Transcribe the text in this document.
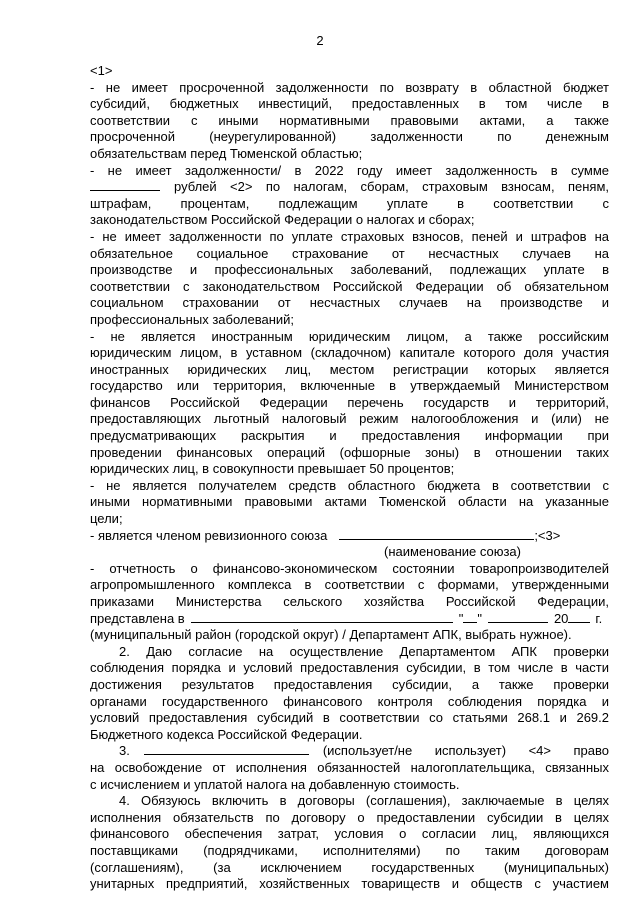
2
<1>
- не имеет просроченной задолженности по возврату в областной бюджет
субсидий, бюджетных инвестиций, предоставленных в том числе в
соответствии с иными нормативными правовыми актами, а также
просроченной (неурегулированной) задолженности по денежным
обязательствам перед Тюменской областью;
- не имеет задолженности/ в 2022 году имеет задолженность в сумме
рублей <2> по налогам, сборам, страховым взносам, пеням,
штрафам, процентам, подлежащим уплате в соответствии с
законодательством Российской Федерации о налогах и сборах;
- не имеет задолженности по уплате страховых взносов, пеней и штрафов на
обязательное социальное страхование от несчастных случаев на
производстве и профессиональных заболеваний, подлежащих уплате в
соответствии с законодательством Российской Федерации об обязательном
социальном страховании от несчастных случаев на производстве и
профессиональных заболеваний;
- не является иностранным юридическим лицом, а также российским
юридическим лицом, в уставном (складочном) капитале которого доля участия
иностранных юридических лиц, местом регистрации которых является
государство или территория, включенные в утверждаемый Министерством
финансов Российской Федерации перечень государств и территорий,
предоставляющих льготный налоговый режим налогообложения и (или) не
предусматривающих раскрытия и предоставления информации при
проведении финансовых операций (офшорные зоны) в отношении таких
юридических лиц, в совокупности превышает 50 процентов;
- не является получателем средств областного бюджета в соответствии с
иными нормативными правовыми актами Тюменской области на указанные
цели;
- является членом ревизионного союза	;<3>
(наименование союза)
- отчетность о финансово-экономическом состоянии товаропроизводителей
агропромышленного комплекса в соответствии с формами, утвержденными
приказами Министерства сельского хозяйства Российской Федерации,
представлена в	" "	20 г.
(муниципальный район (городской округ) / Департамент АПК, выбрать нужное).
2. Даю согласие на осуществление Департаментом АПК проверки
соблюдения порядка и условий предоставления субсидии, в том числе в части
достижения результатов предоставления субсидии, а также проверки
органами государственного финансового контроля соблюдения порядка и
условий предоставления субсидий в соответствии со статьями 268.1 и 269.2
Бюджетного кодекса Российской Федерации.
3.	(использует/не использует) <4> право
на освобождение от исполнения обязанностей налогоплательщика, связанных
с исчислением и уплатой налога на добавленную стоимость.
4. Обязуюсь включить в договоры (соглашения), заключаемые в целях
исполнения обязательств по договору о предоставлении субсидии в целях
финансового обеспечения затрат, условия о согласии лиц, являющихся
поставщиками (подрядчиками, исполнителями) по таким договорам
(соглашениям), (за исключением государственных (муниципальных)
унитарных предприятий, хозяйственных товариществ и обществ с участием
